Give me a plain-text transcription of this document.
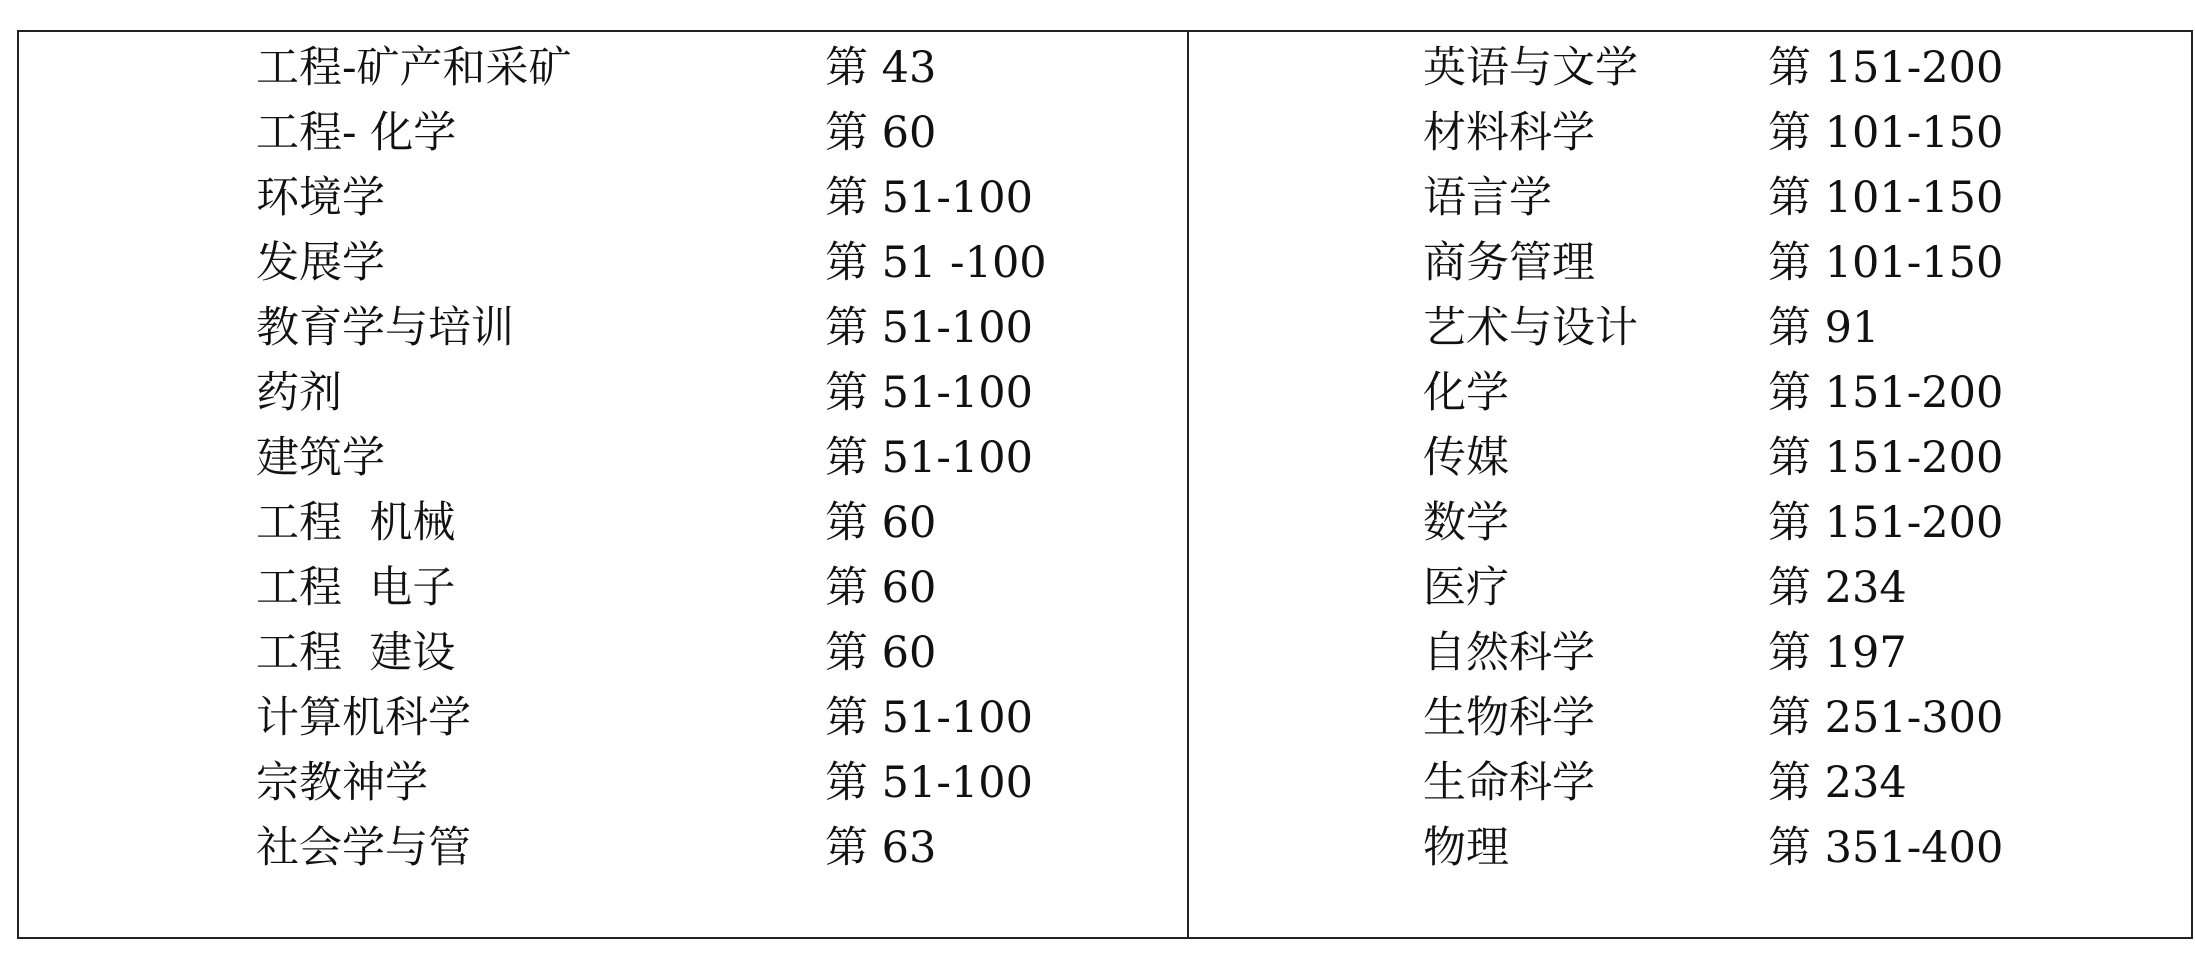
工程-矿产和采矿	第 43
工程- 化学	第 60
环境学	第 51-100
发展学	第 51 -100
教育学与培训	第 51-100
药剂	第 51-100
建筑学	第 51-100
工程  机械	第 60
工程  电子	第 60
工程  建设	第 60
计算机科学	第 51-100
宗教神学	第 51-100
社会学与管	第 63
英语与文学	第 151-200
材料科学	第 101-150
语言学	第 101-150
商务管理	第 101-150
艺术与设计	第 91
化学	第 151-200
传媒	第 151-200
数学	第 151-200
医疗	第 234
自然科学	第 197
生物科学	第 251-300
生命科学	第 234
物理	第 351-400
